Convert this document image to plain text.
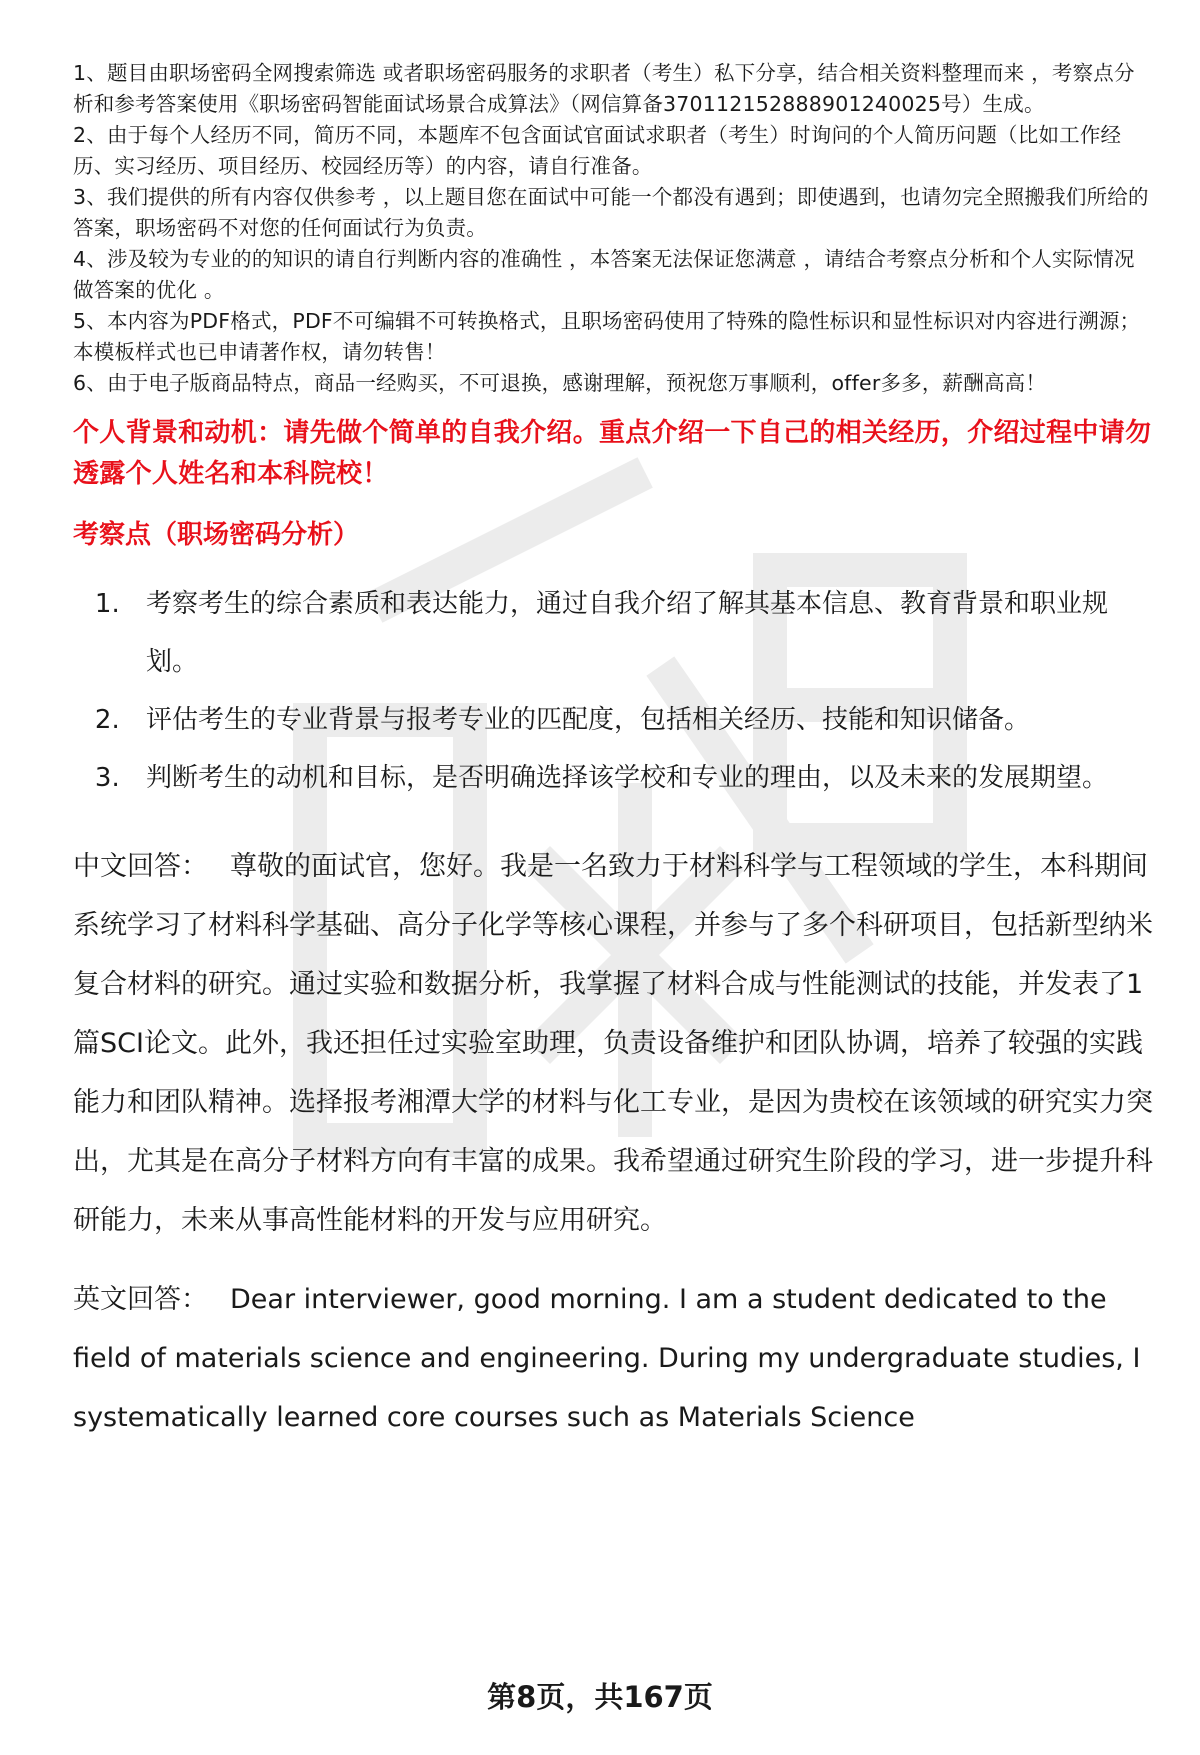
1、题目由职场密码全网搜索筛选 或者职场密码服务的求职者（考生）私下分享，结合相关资料整理而来 ，考察点分析和参考答案使用《职场密码智能面试场景合成算法》（网信算备370112152888901240025号）生成。

2、由于每个人经历不同，简历不同，本题库不包含面试官面试求职者（考生）时询问的个人简历问题（比如工作经历、实习经历、项目经历、校园经历等）的内容，请自行准备。

3、我们提供的所有内容仅供参考 ，以上题目您在面试中可能一个都没有遇到；即使遇到，也请勿完全照搬我们所给的答案，职场密码不对您的任何面试行为负责。

4、涉及较为专业的的知识的请自行判断内容的准确性 ，本答案无法保证您满意 ，请结合考察点分析和个人实际情况做答案的优化 。

5、本内容为PDF格式，PDF不可编辑不可转换格式，且职场密码使用了特殊的隐性标识和显性标识对内容进行溯源；本模板样式也已申请著作权，请勿转售！

6、由于电子版商品特点，商品一经购买，不可退换，感谢理解，预祝您万事顺利，offer多多，薪酬高高！

个人背景和动机：请先做个简单的自我介绍。重点介绍一下自己的相关经历，介绍过程中请勿透露个人姓名和本科院校！
考察点（职场密码分析）
1. 考察考生的综合素质和表达能力，通过自我介绍了解其基本信息、教育背景和职业规划。
2. 评估考生的专业背景与报考专业的匹配度，包括相关经历、技能和知识储备。
3. 判断考生的动机和目标，是否明确选择该学校和专业的理由，以及未来的发展期望。
中文回答： 尊敬的面试官，您好。我是一名致力于材料科学与工程领域的学生，本科期间系统学习了材料科学基础、高分子化学等核心课程，并参与了多个科研项目，包括新型纳米复合材料的研究。通过实验和数据分析，我掌握了材料合成与性能测试的技能，并发表了1篇SCI论文。此外，我还担任过实验室助理，负责设备维护和团队协调，培养了较强的实践能力和团队精神。选择报考湘潭大学的材料与化工专业，是因为贵校在该领域的研究实力突出，尤其是在高分子材料方向有丰富的成果。我希望通过研究生阶段的学习，进一步提升科研能力，未来从事高性能材料的开发与应用研究。
英文回答： Dear interviewer, good morning. I am a student dedicated to the field of materials science and engineering. During my undergraduate studies, I systematically learned core courses such as Materials Science
第8页，共167页
